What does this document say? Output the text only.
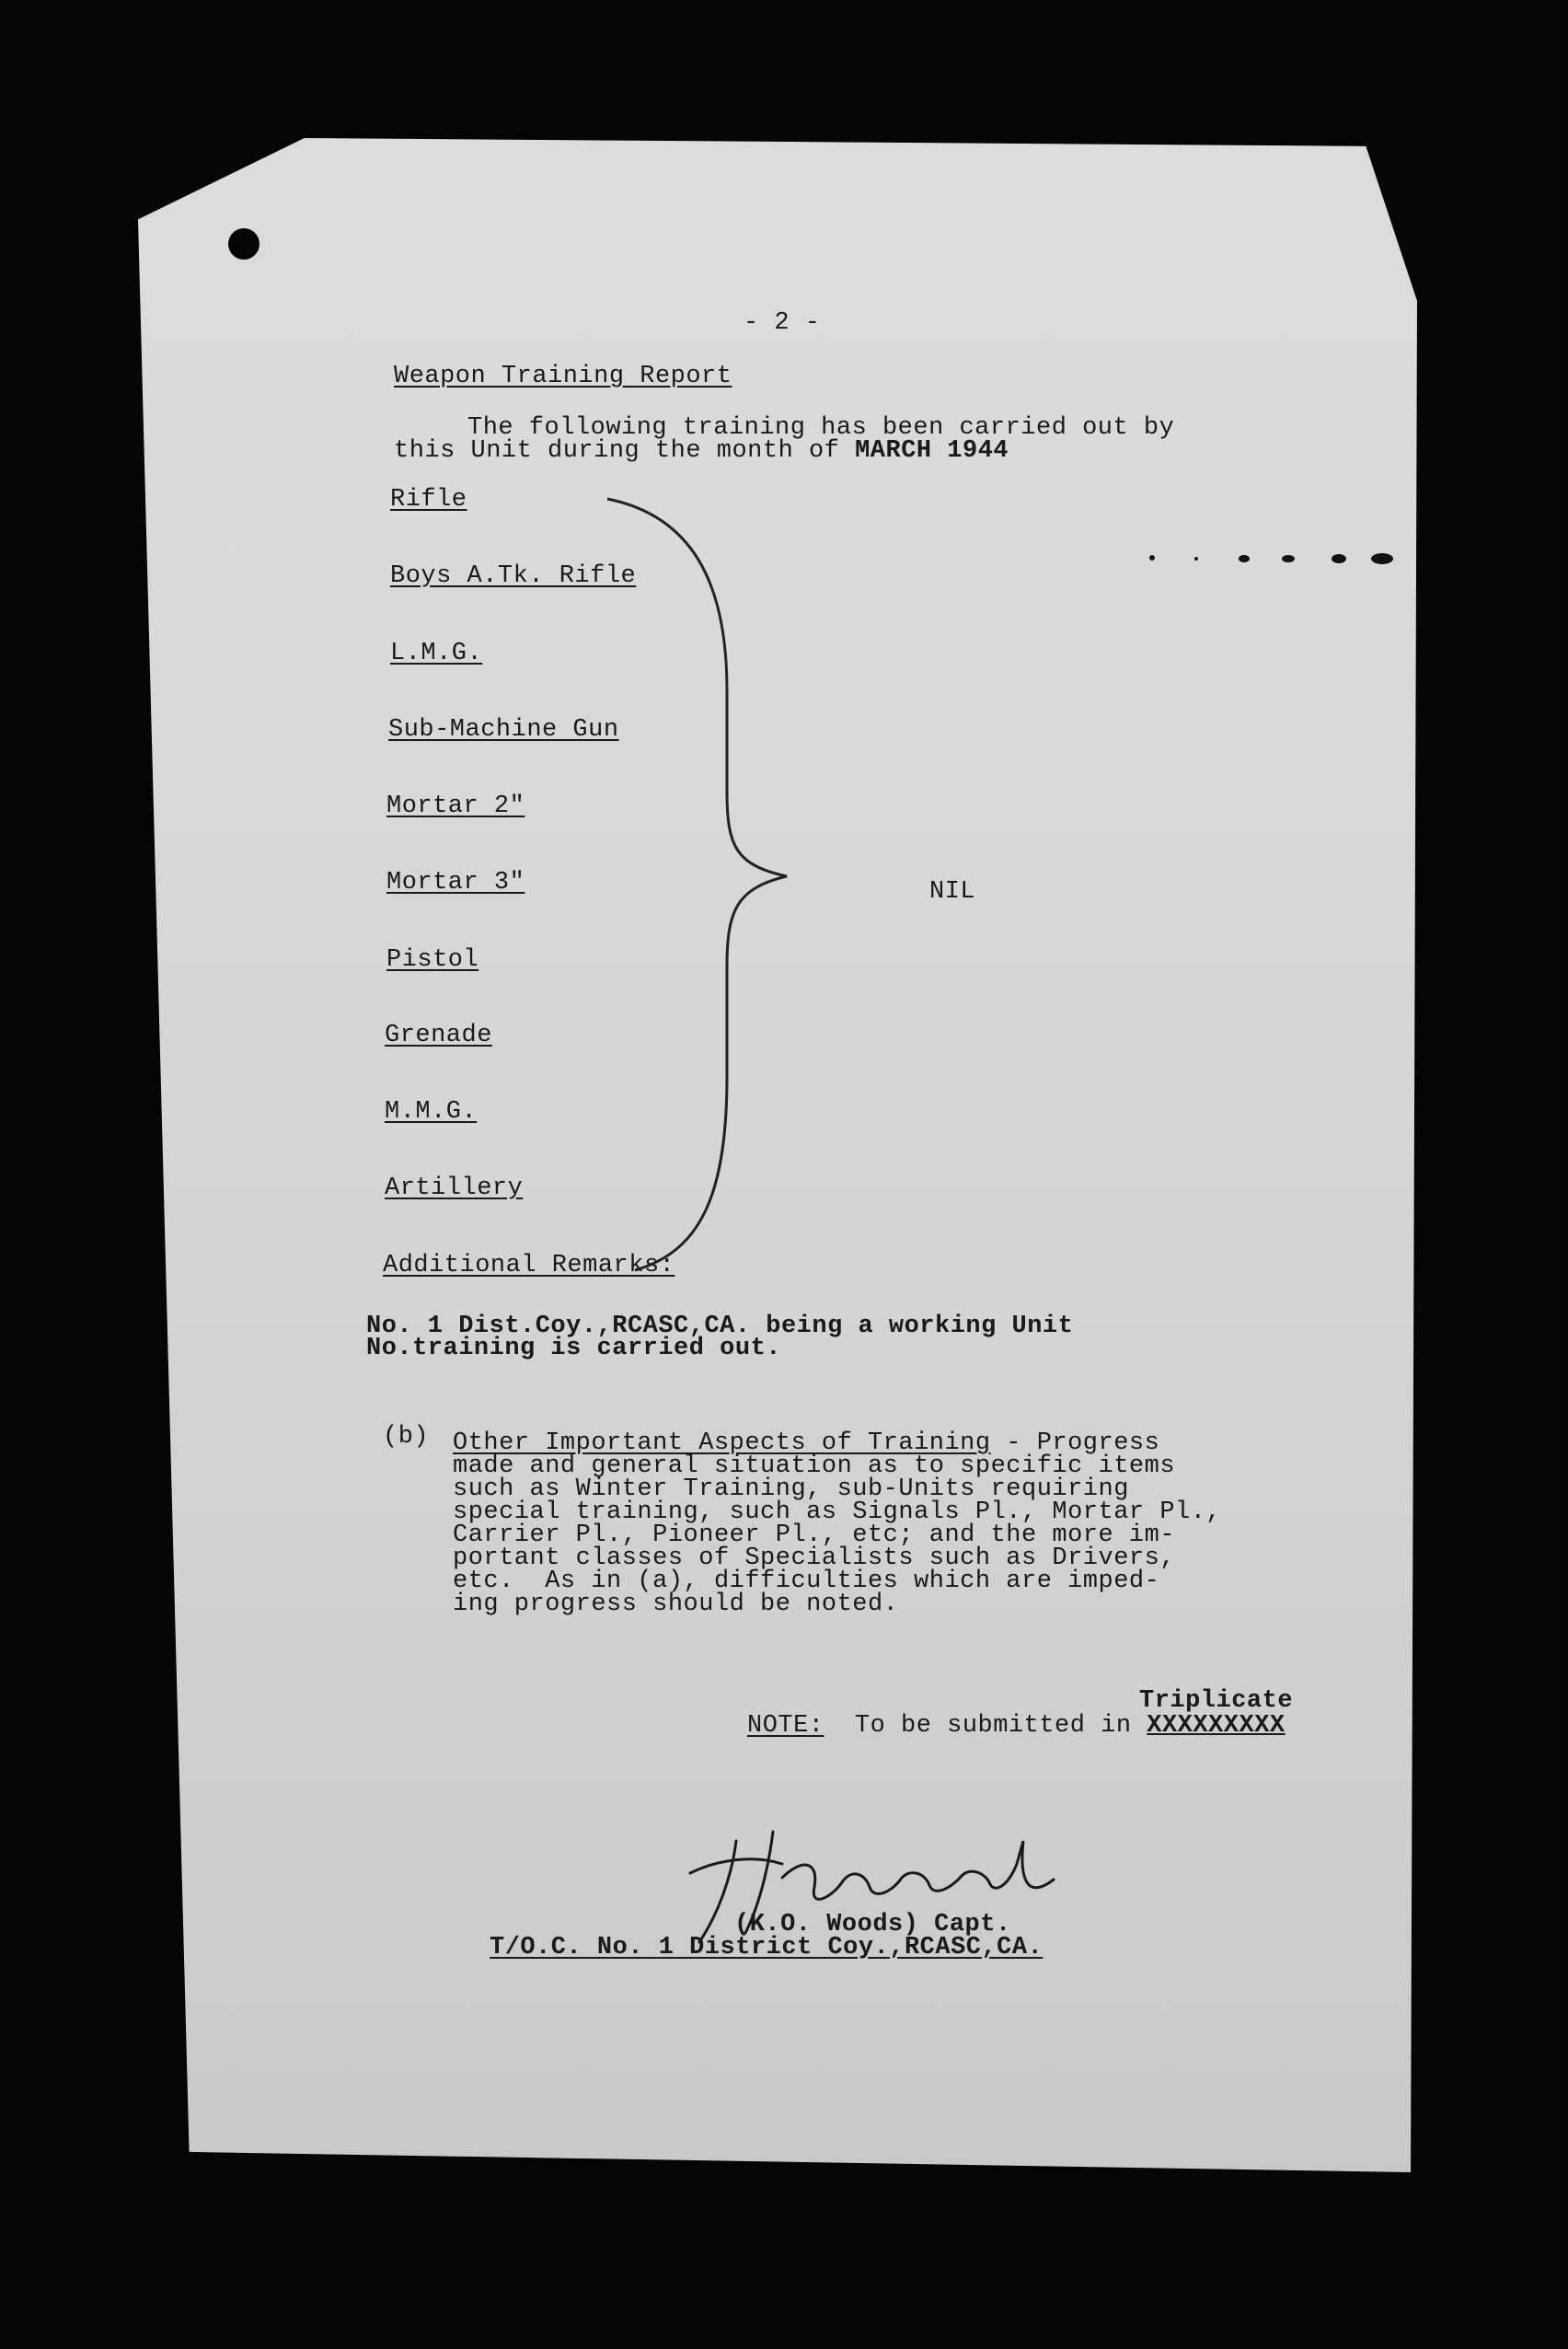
- 2 -
Weapon Training Report
The following training has been carried out by
this Unit during the month of MARCH 1944
Rifle
Boys A.Tk. Rifle
L.M.G.
Sub-Machine Gun
Mortar 2"
Mortar 3"
Pistol
Grenade
M.M.G.
Artillery
Additional Remarks:
NIL
No. 1 Dist.Coy.,RCASC,CA. being a working Unit
No.training is carried out.
(b) Other Important Aspects of Training - Progress
made and general situation as to specific items
such as Winter Training, sub-Units requiring
special training, such as Signals Pl., Mortar Pl.,
Carrier Pl., Pioneer Pl., etc; and the more im-
portant classes of Specialists such as Drivers,
etc.  As in (a), difficulties which are imped-
ing progress should be noted.
Triplicate
NOTE:  To be submitted in XXXXXXXXX
(K.O. Woods) Capt.
T/O.C. No. 1 District Coy.,RCASC,CA.
